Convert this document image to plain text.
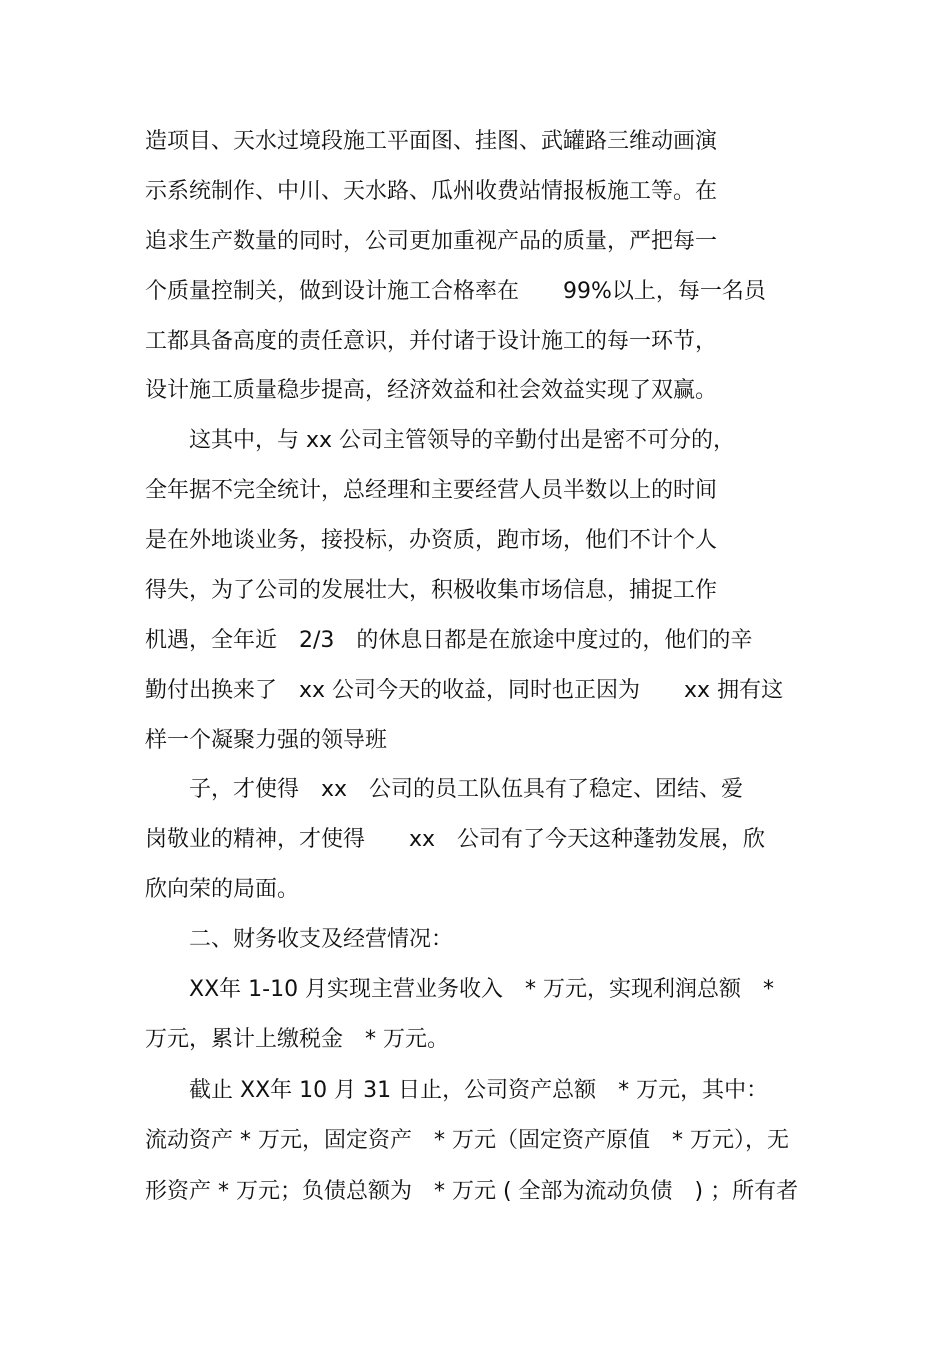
造项目、天水过境段施工平面图、挂图、武罐路三维动画演

示系统制作、中川、天水路、瓜州收费站情报板施工等。在

追求生产数量的同时，公司更加重视产品的质量，严把每一

个质量控制关，做到设计施工合格率在　　99%以上，每一名员

工都具备高度的责任意识，并付诸于设计施工的每一环节，

设计施工质量稳步提高，经济效益和社会效益实现了双赢。

　　这其中，与 xx 公司主管领导的辛勤付出是密不可分的，

全年据不完全统计，总经理和主要经营人员半数以上的时间

是在外地谈业务，接投标，办资质，跑市场，他们不计个人

得失，为了公司的发展壮大，积极收集市场信息，捕捉工作

机遇，全年近　2/3　的休息日都是在旅途中度过的，他们的辛

勤付出换来了　xx 公司今天的收益，同时也正因为　　xx 拥有这

样一个凝聚力强的领导班

　　子，才使得　xx　公司的员工队伍具有了稳定、团结、爱

岗敬业的精神，才使得　　xx　公司有了今天这种蓬勃发展，欣

欣向荣的局面。

　　二、财务收支及经营情况：

　　XX年 1-10 月实现主营业务收入　* 万元，实现利润总额　*

万元，累计上缴税金　* 万元。

　　截止 XX年 10 月 31 日止，公司资产总额　* 万元，其中：

流动资产 * 万元，固定资产　* 万元（固定资产原值　* 万元），无

形资产 * 万元；负债总额为　* 万元 ( 全部为流动负债　) ；所有者
